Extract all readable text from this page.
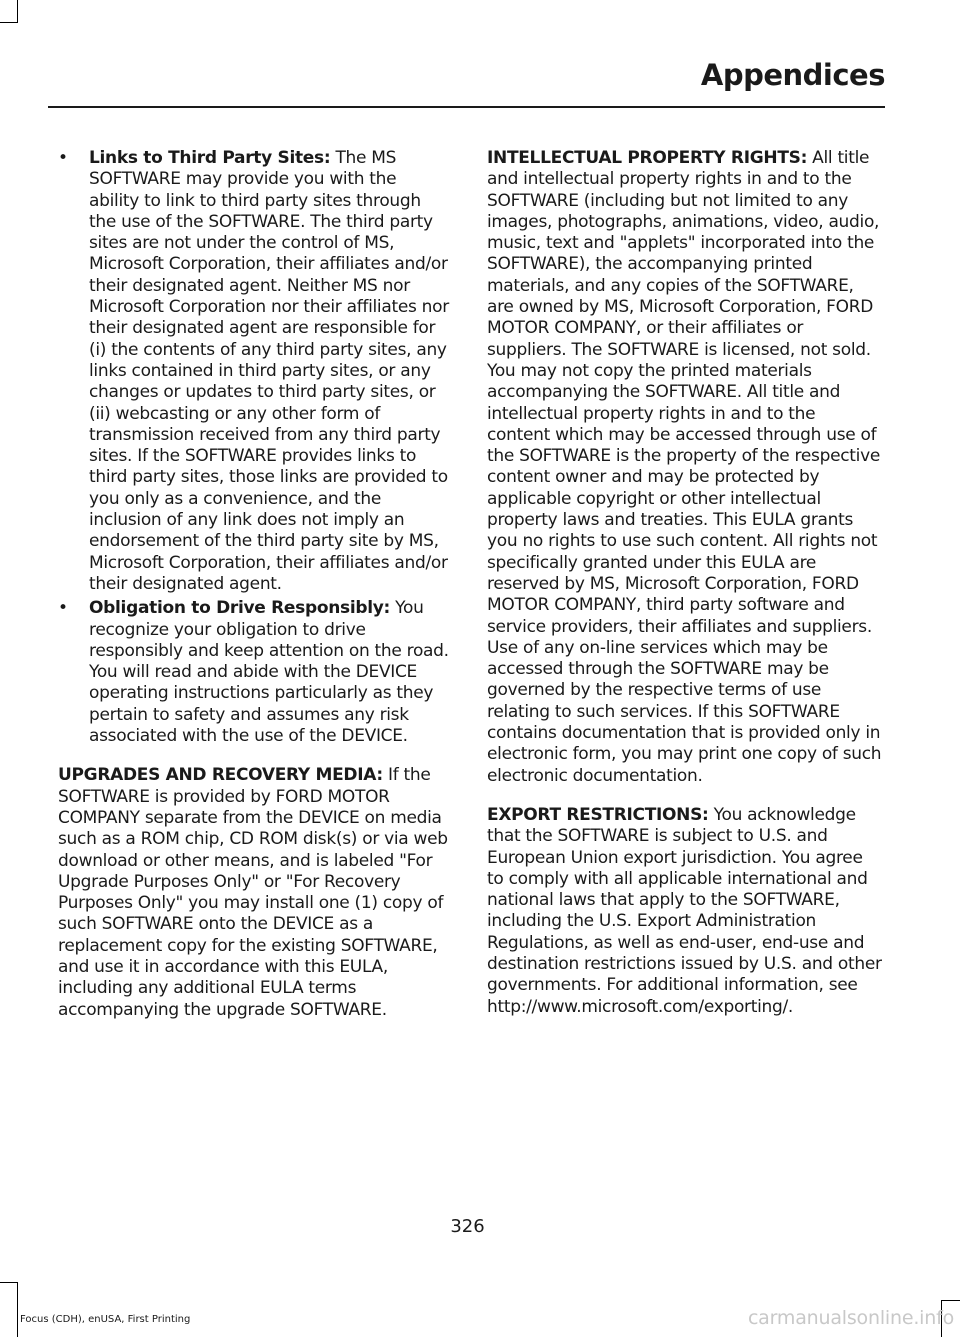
Appendices
• Links to Third Party Sites: The MS SOFTWARE may provide you with the ability to link to third party sites through the use of the SOFTWARE. The third party sites are not under the control of MS, Microsoft Corporation, their affiliates and/or their designated agent. Neither MS nor Microsoft Corporation nor their affiliates nor their designated agent are responsible for (i) the contents of any third party sites, any links contained in third party sites, or any changes or updates to third party sites, or (ii) webcasting or any other form of transmission received from any third party sites. If the SOFTWARE provides links to third party sites, those links are provided to you only as a convenience, and the inclusion of any link does not imply an endorsement of the third party site by MS, Microsoft Corporation, their affiliates and/or their designated agent.
• Obligation to Drive Responsibly: You recognize your obligation to drive responsibly and keep attention on the road. You will read and abide with the DEVICE operating instructions particularly as they pertain to safety and assumes any risk associated with the use of the DEVICE.
UPGRADES AND RECOVERY MEDIA: If the SOFTWARE is provided by FORD MOTOR COMPANY separate from the DEVICE on media such as a ROM chip, CD ROM disk(s) or via web download or other means, and is labeled "For Upgrade Purposes Only" or "For Recovery Purposes Only" you may install one (1) copy of such SOFTWARE onto the DEVICE as a replacement copy for the existing SOFTWARE, and use it in accordance with this EULA, including any additional EULA terms accompanying the upgrade SOFTWARE.
INTELLECTUAL PROPERTY RIGHTS: All title and intellectual property rights in and to the SOFTWARE (including but not limited to any images, photographs, animations, video, audio, music, text and "applets" incorporated into the SOFTWARE), the accompanying printed materials, and any copies of the SOFTWARE, are owned by MS, Microsoft Corporation, FORD MOTOR COMPANY, or their affiliates or suppliers. The SOFTWARE is licensed, not sold. You may not copy the printed materials accompanying the SOFTWARE. All title and intellectual property rights in and to the content which may be accessed through use of the SOFTWARE is the property of the respective content owner and may be protected by applicable copyright or other intellectual property laws and treaties. This EULA grants you no rights to use such content. All rights not specifically granted under this EULA are reserved by MS, Microsoft Corporation, FORD MOTOR COMPANY, third party software and service providers, their affiliates and suppliers. Use of any on-line services which may be accessed through the SOFTWARE may be governed by the respective terms of use relating to such services. If this SOFTWARE contains documentation that is provided only in electronic form, you may print one copy of such electronic documentation.
EXPORT RESTRICTIONS: You acknowledge that the SOFTWARE is subject to U.S. and European Union export jurisdiction. You agree to comply with all applicable international and national laws that apply to the SOFTWARE, including the U.S. Export Administration Regulations, as well as end-user, end-use and destination restrictions issued by U.S. and other governments. For additional information, see http://www.microsoft.com/exporting/.
326
Focus (CDH), enUSA, First Printing	carmanualsonline.info
